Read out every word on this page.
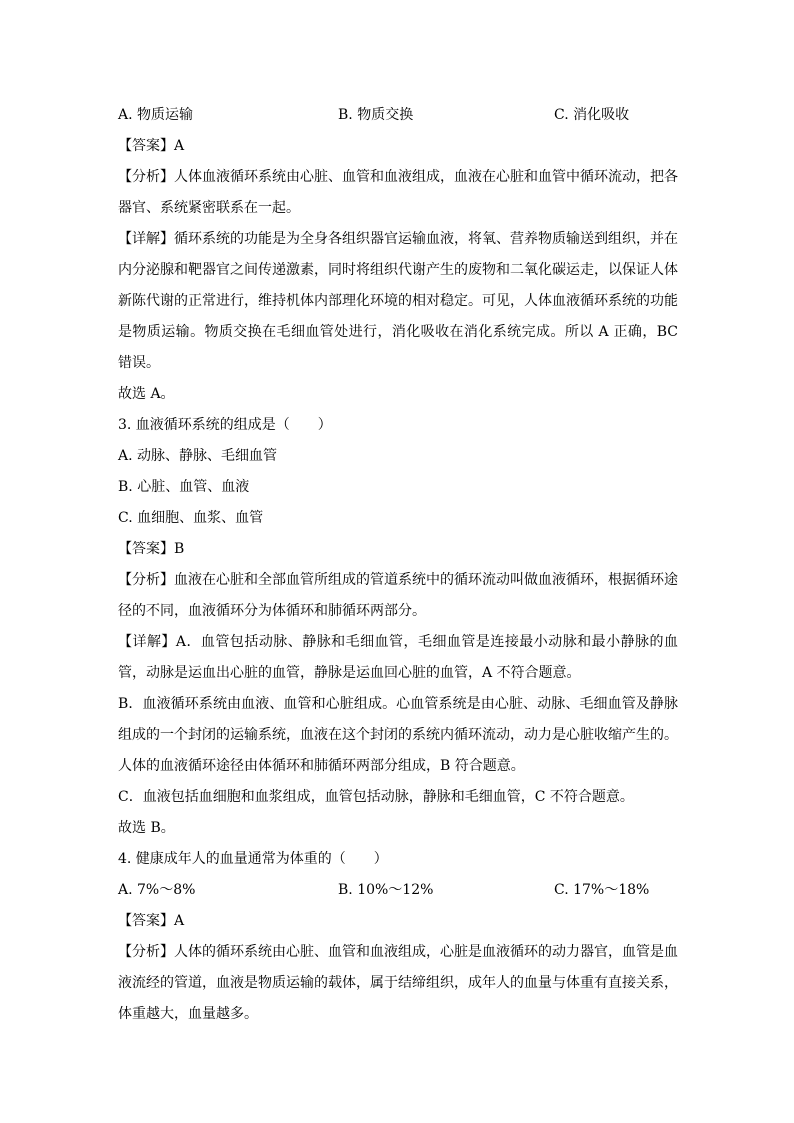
A. 物质运输	B. 物质交换	C. 消化吸收
【答案】A

【分析】人体血液循环系统由心脏、血管和血液组成，血液在心脏和血管中循环流动，把各器官、系统紧密联系在一起。

【详解】循环系统的功能是为全身各组织器官运输血液，将氧、营养物质输送到组织，并在内分泌腺和靶器官之间传递激素，同时将组织代谢产生的废物和二氧化碳运走，以保证人体新陈代谢的正常进行，维持机体内部理化环境的相对稳定。可见，人体血液循环系统的功能是物质运输。物质交换在毛细血管处进行，消化吸收在消化系统完成。所以 A 正确，BC 错误。

故选 A。
3. 血液循环系统的组成是（　　）
A. 动脉、静脉、毛细血管
B. 心脏、血管、血液
C. 血细胞、血浆、血管
【答案】B

【分析】血液在心脏和全部血管所组成的管道系统中的循环流动叫做血液循环，根据循环途径的不同，血液循环分为体循环和肺循环两部分。

【详解】A．血管包括动脉、静脉和毛细血管，毛细血管是连接最小动脉和最小静脉的血管，动脉是运血出心脏的血管，静脉是运血回心脏的血管，A 不符合题意。

B．血液循环系统由血液、血管和心脏组成。心血管系统是由心脏、动脉、毛细血管及静脉组成的一个封闭的运输系统，血液在这个封闭的系统内循环流动，动力是心脏收缩产生的。人体的血液循环途径由体循环和肺循环两部分组成，B 符合题意。

C．血液包括血细胞和血浆组成，血管包括动脉，静脉和毛细血管，C 不符合题意。

故选 B。
4. 健康成年人的血量通常为体重的（　　）
A. 7%～8%	B. 10%～12%	C. 17%～18%
【答案】A

【分析】人体的循环系统由心脏、血管和血液组成，心脏是血液循环的动力器官，血管是血液流经的管道，血液是物质运输的载体，属于结缔组织，成年人的血量与体重有直接关系，体重越大，血量越多。
